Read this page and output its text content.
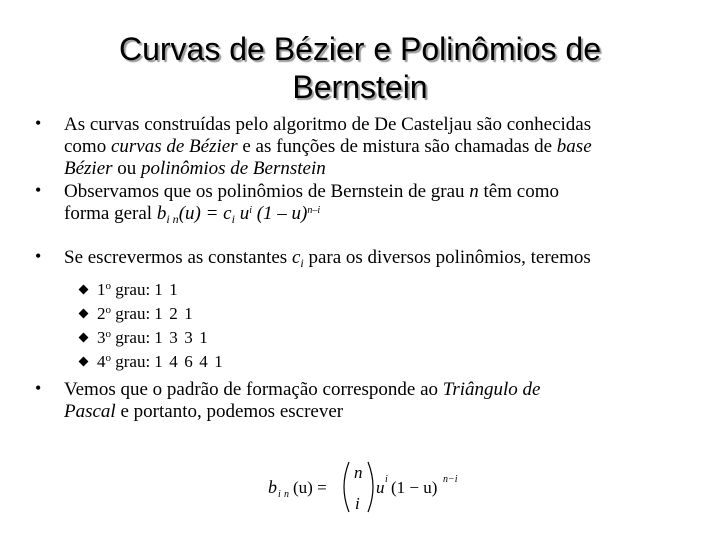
Curvas de Bézier e Polinômios de
Bernstein
• As curvas construídas pelo algoritmo de De Casteljau são conhecidas
como curvas de Bézier e as funções de mistura são chamadas de base
Bézier ou polinômios de Bernstein
• Observamos que os polinômios de Bernstein de grau n têm como
forma geral $b_{i n}(u) = c_i$ $u^i$ (1 – u)$^{n-i}$
• Se escrevermos as constantes $c_i$ para os diversos polinômios, teremos
1$^o$ grau: 1 1
2$^o$ grau: 1 2 1
3$^o$ grau: 1 3 3 1
4$^o$ grau: 1 4 6 4 1
• Vemos que o padrão de formação corresponde ao Triângulo de
Pascal e portanto, podemos escrever
b i n (u) =
n
i
u i (1 − u) n−i
